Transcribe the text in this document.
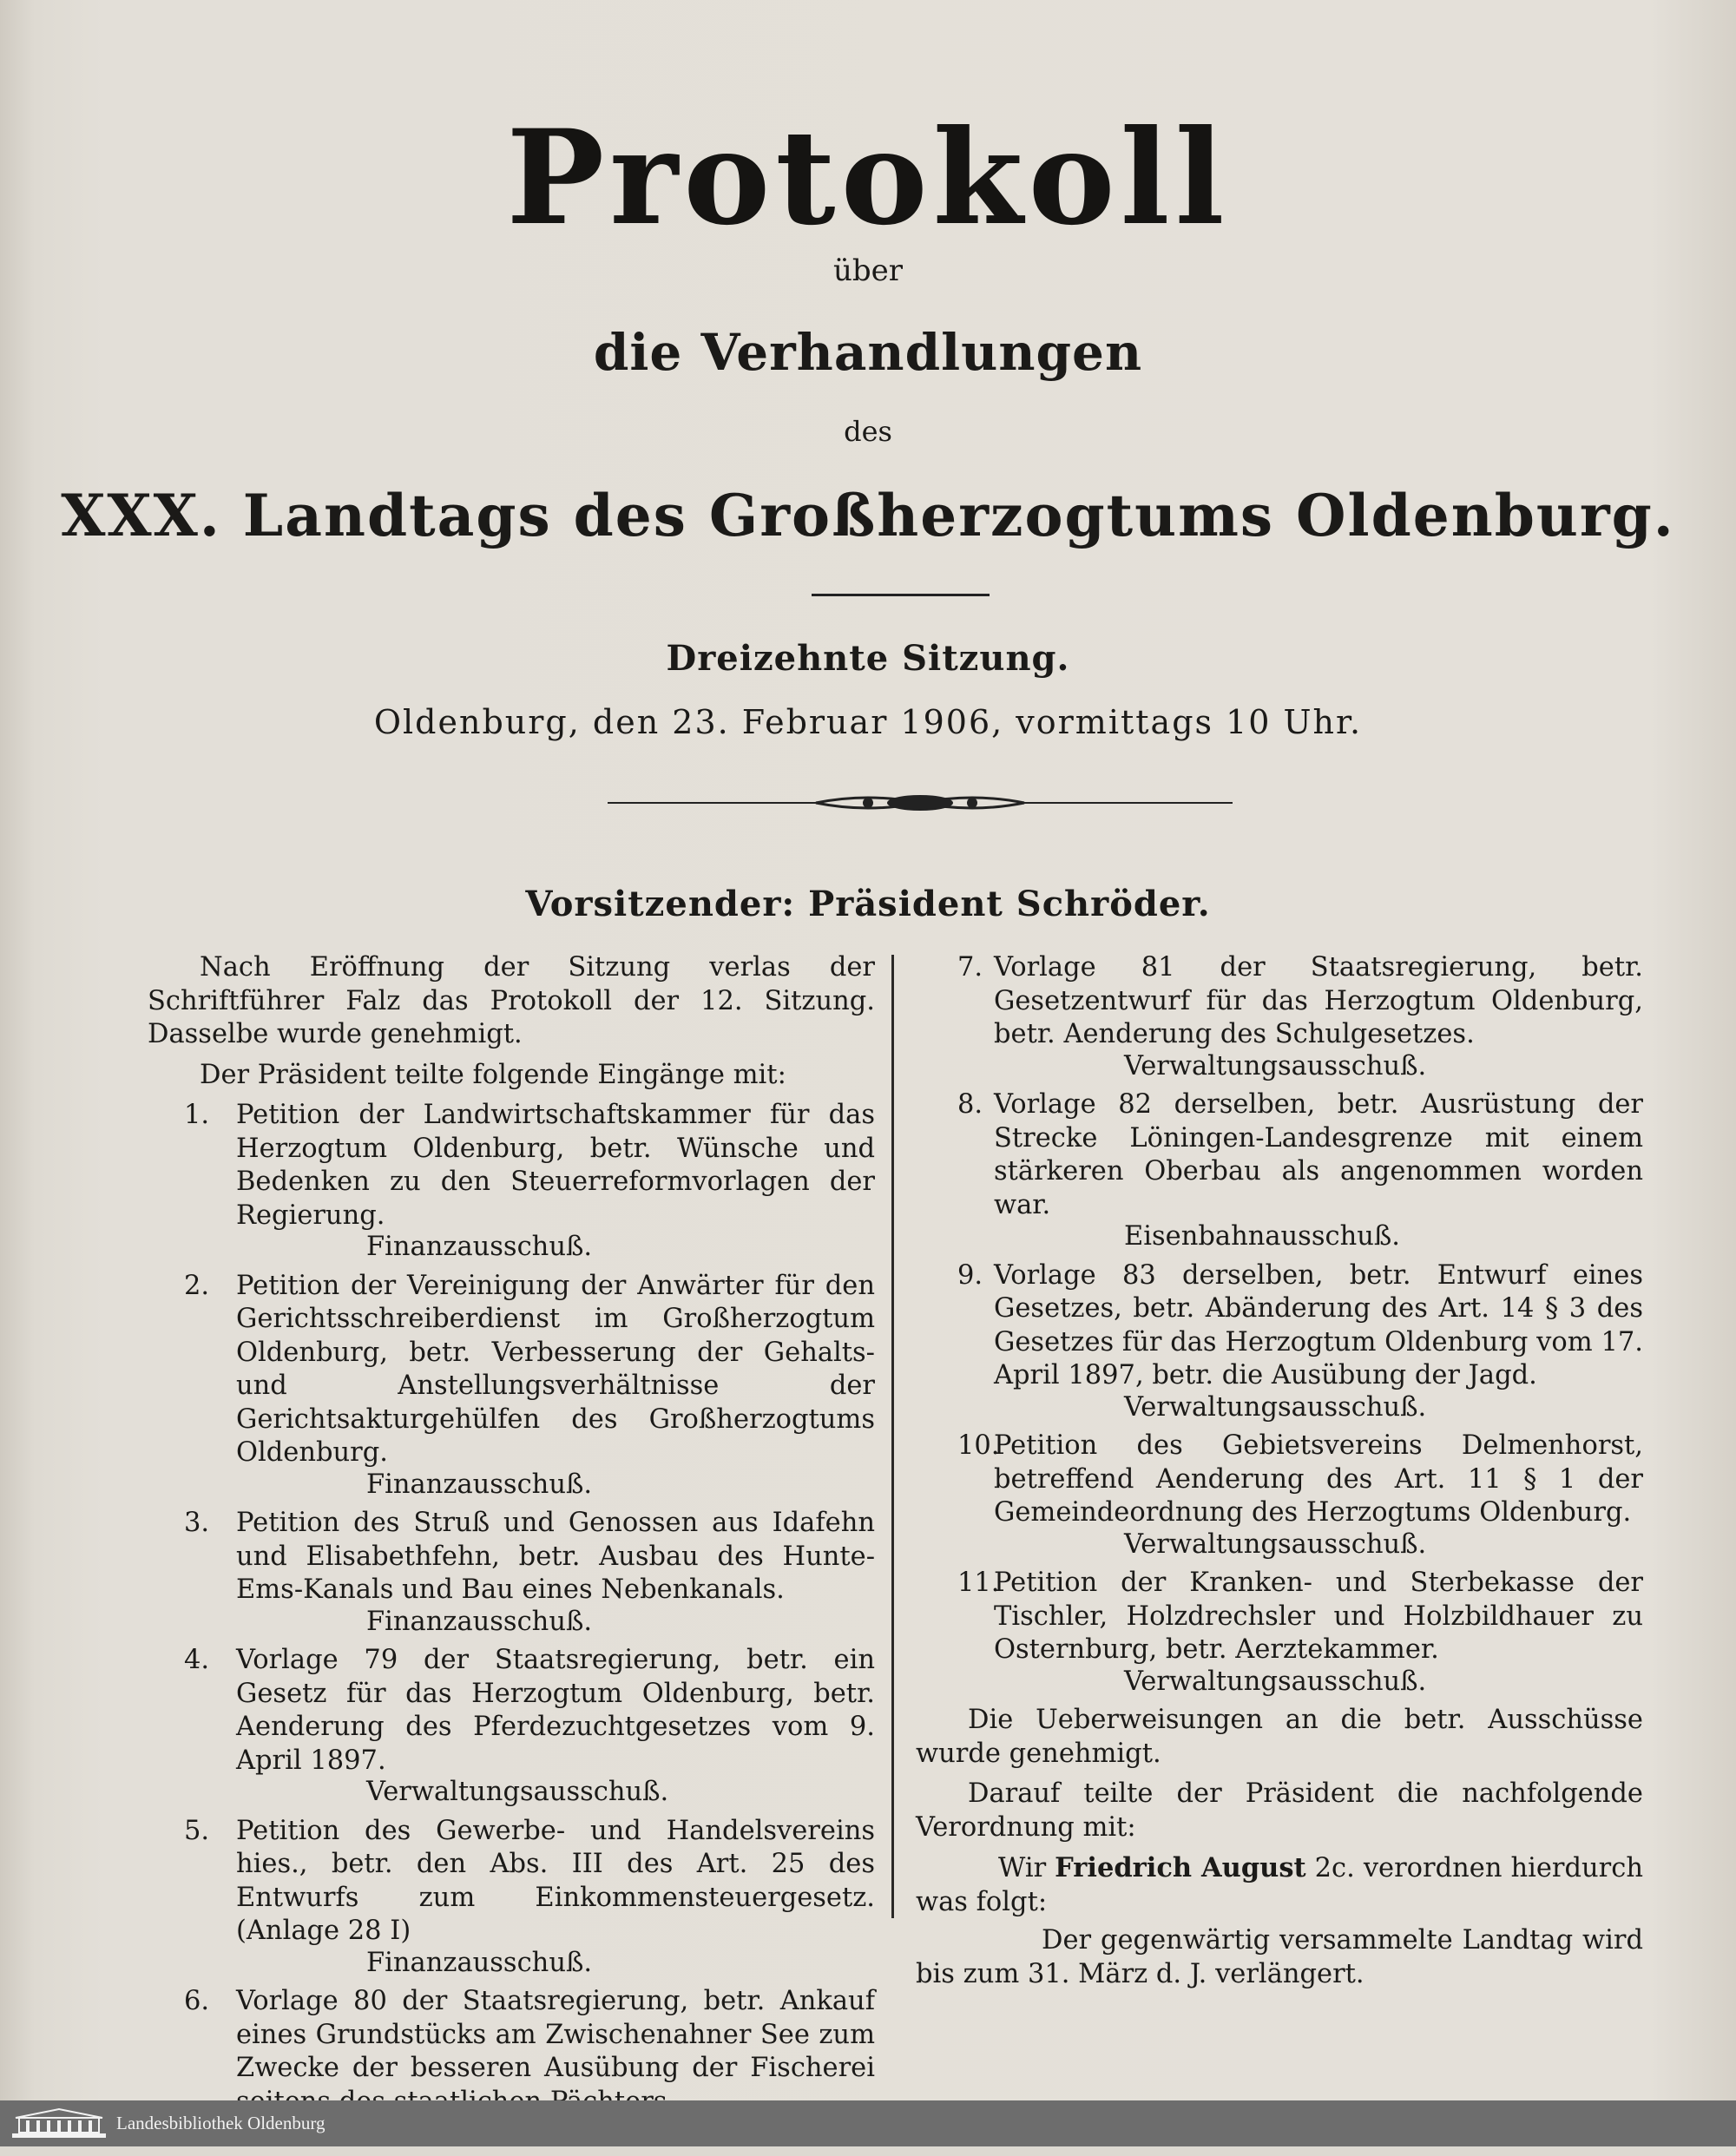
Protokoll
über
die Verhandlungen
des
XXX. Landtags des Großherzogtums Oldenburg.
Dreizehnte Sitzung.
Oldenburg, den 23. Februar 1906, vormittags 10 Uhr.
Vorsitzender: Präsident Schröder.

Nach Eröffnung der Sitzung verlas der Schriftführer Falz das Protokoll der 12. Sitzung. Dasselbe wurde genehmigt.

Der Präsident teilte folgende Eingänge mit:

1. Petition der Landwirtschaftskammer für das Herzogtum Oldenburg, betr. Wünsche und Bedenken zu den Steuerreformvorlagen der Regierung.
Finanzausschuß.
2. Petition der Vereinigung der Anwärter für den Gerichtsschreiberdienst im Großherzogtum Oldenburg, betr. Verbesserung der Gehalts- und Anstellungsverhältnisse der Gerichtsakturgehülfen des Großherzogtums Oldenburg.
Finanzausschuß.
3. Petition des Struß und Genossen aus Idafehn und Elisabethfehn, betr. Ausbau des Hunte-Ems-Kanals und Bau eines Nebenkanals.
Finanzausschuß.
4. Vorlage 79 der Staatsregierung, betr. ein Gesetz für das Herzogtum Oldenburg, betr. Aenderung des Pferdezuchtgesetzes vom 9. April 1897.
Verwaltungsausschuß.
5. Petition des Gewerbe- und Handelsvereins hies., betr. den Abs. III des Art. 25 des Entwurfs zum Einkommensteuergesetz. (Anlage 28 I)
Finanzausschuß.
6. Vorlage 80 der Staatsregierung, betr. Ankauf eines Grundstücks am Zwischenahner See zum Zwecke der besseren Ausübung der Fischerei
7. Vorlage 81 der Staatsregierung, betr. Gesetzentwurf für das Herzogtum Oldenburg, betr. Aenderung des Schulgesetzes.
Verwaltungsausschuß.
8. Vorlage 82 derselben, betr. Ausrüstung der Strecke Löningen-Landesgrenze mit einem stärkeren Oberbau als angenommen worden war.
Eisenbahnausschuß.
9. Vorlage 83 derselben, betr. Entwurf eines Gesetzes, betr. Abänderung des Art. 14 § 3 des Gesetzes für das Herzogtum Oldenburg vom 17. April 1897, betr. die Ausübung der Jagd.
Verwaltungsausschuß.
10.
Petition des Gebietsvereins Delmenhorst, betreffend Aenderung des Art. 11 § 1 der Gemeindeordnung des Herzogtums Oldenburg.
Verwaltungsausschuß.
11.
Petition der Kranken- und Sterbekasse der Tischler, Holzdrechsler und Holzbildhauer zu Osternburg, betr. Aerztekammer.
Verwaltungsausschuß.

Die Ueberweisungen an die betr. Ausschüsse wurde genehmigt.

Darauf teilte der Präsident die nachfolgende Verordnung mit:

Wir Friedrich August 2c. verordnen hierdurch was folgt:

Der gegenwärtig versammelte Landtag wird bis zum 31. März d. J. verlängert.

Landesbibliothek Oldenburg
